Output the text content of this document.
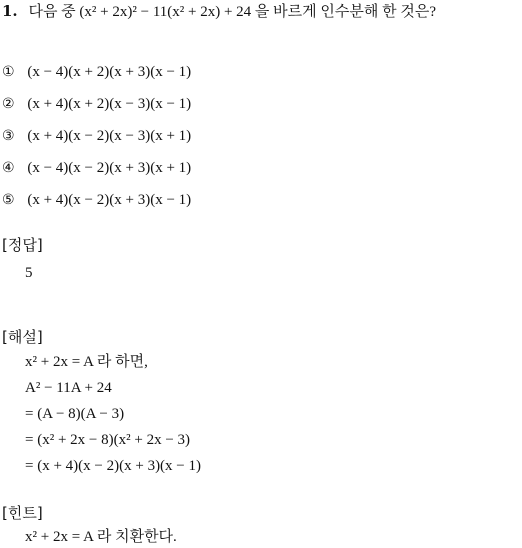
1. 다음 중 (x² + 2x)² − 11(x² + 2x) + 24 을 바르게 인수분해 한 것은?
① (x − 4)(x + 2)(x + 3)(x − 1)
② (x + 4)(x + 2)(x − 3)(x − 1)
③ (x + 4)(x − 2)(x − 3)(x + 1)
④ (x − 4)(x − 2)(x + 3)(x + 1)
⑤ (x + 4)(x − 2)(x + 3)(x − 1)
[정답]
5
[해설]
x² + 2x = A 라 하면,
A² − 11A + 24
= (A − 8)(A − 3)
= (x² + 2x − 8)(x² + 2x − 3)
= (x + 4)(x − 2)(x + 3)(x − 1)
[힌트]
x² + 2x = A 라 치환한다.
